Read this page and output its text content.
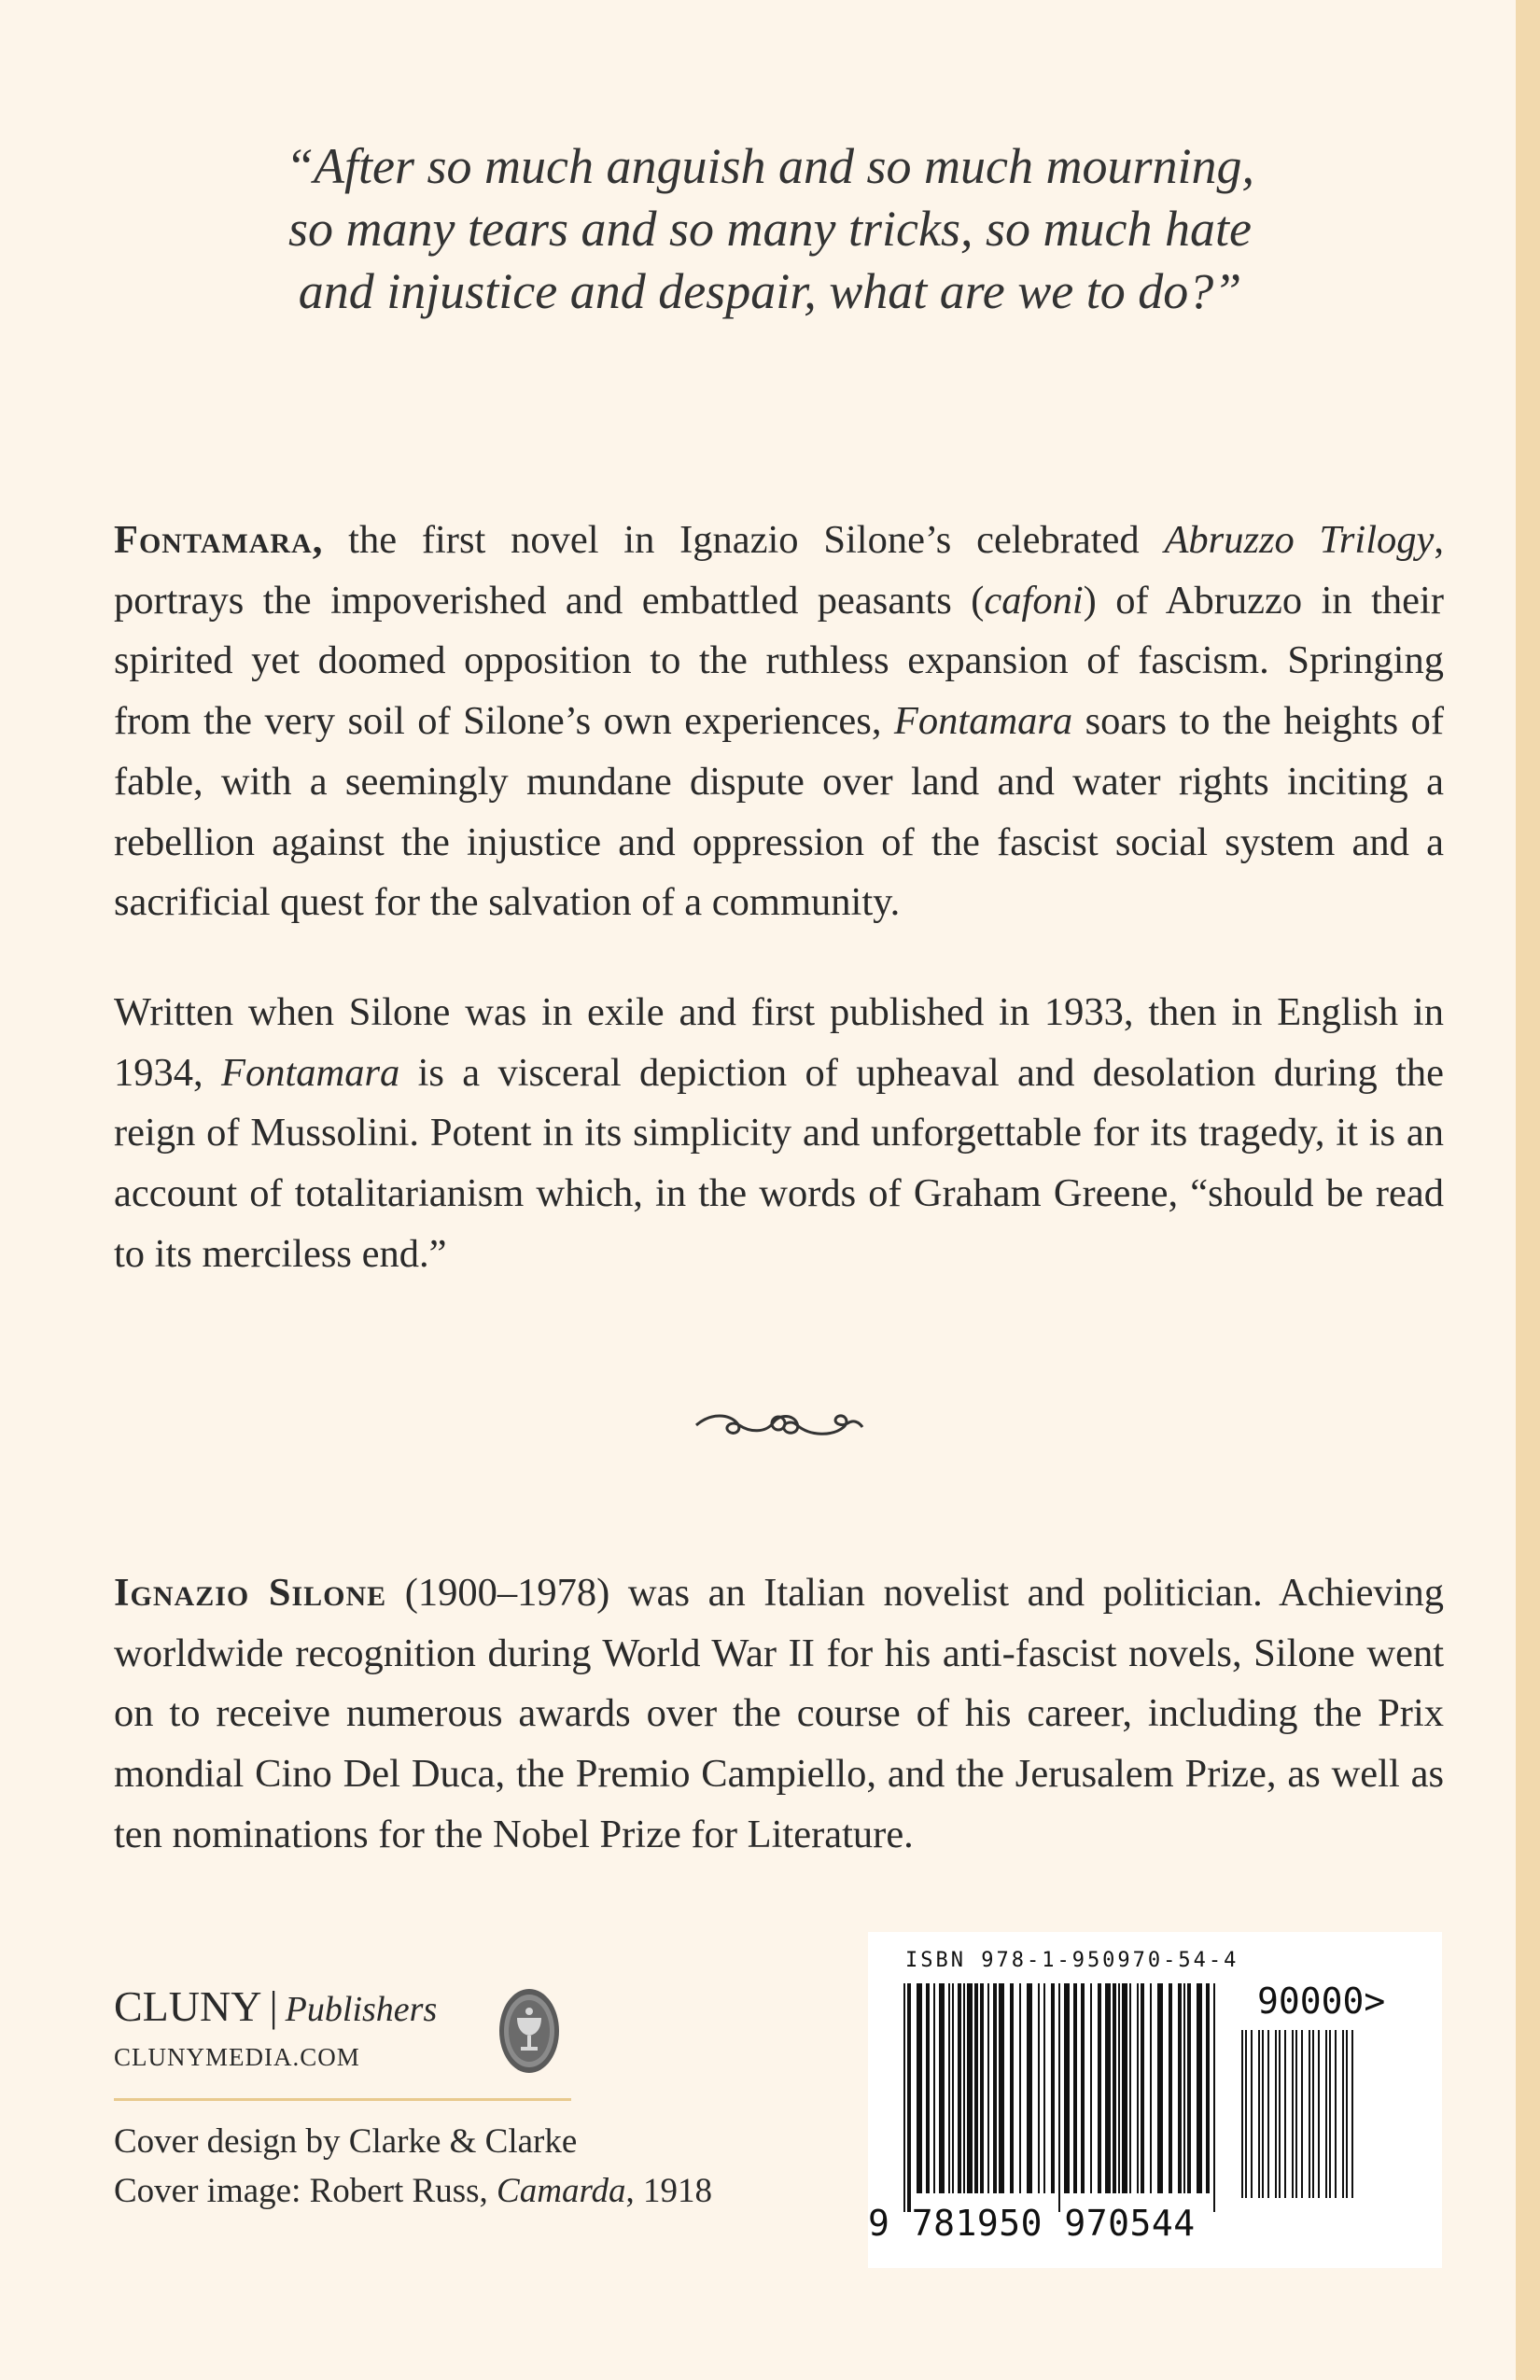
“After so much anguish and so much mourning,
so many tears and so many tricks, so much hate
and injustice and despair, what are we to do?”

Fontamara, the first novel in Ignazio Silone’s celebrated Abruzzo Trilogy, portrays the impoverished and embattled peasants (cafoni) of Abruzzo in their spirited yet doomed opposition to the ruthless expansion of fascism. Springing from the very soil of Silone’s own experiences, Fontamara soars to the heights of fable, with a seemingly mundane dispute over land and water rights inciting a rebellion against the injustice and oppression of the fascist social system and a sacrificial quest for the salvation of a community.

Written when Silone was in exile and first published in 1933, then in English in 1934, Fontamara is a visceral depiction of upheaval and desolation during the reign of Mussolini. Potent in its simplicity and unforgettable for its tragedy, it is an account of totalitarianism which, in the words of Graham Greene, “should be read to its merciless end.”

Ignazio Silone (1900–1978) was an Italian novelist and politician. Achieving worldwide recognition during World War II for his anti-fascist novels, Silone went on to receive numerous awards over the course of his career, including the Prix mondial Cino Del Duca, the Premio Campiello, and the Jerusalem Prize, as well as ten nominations for the Nobel Prize for Literature.

CLUNY | Publishers
CLUNYMEDIA.COM
Cover design by Clarke & Clarke
Cover image: Robert Russ, Camarda, 1918
ISBN 978-1-950970-54-4
90000>
9 781950 970544
